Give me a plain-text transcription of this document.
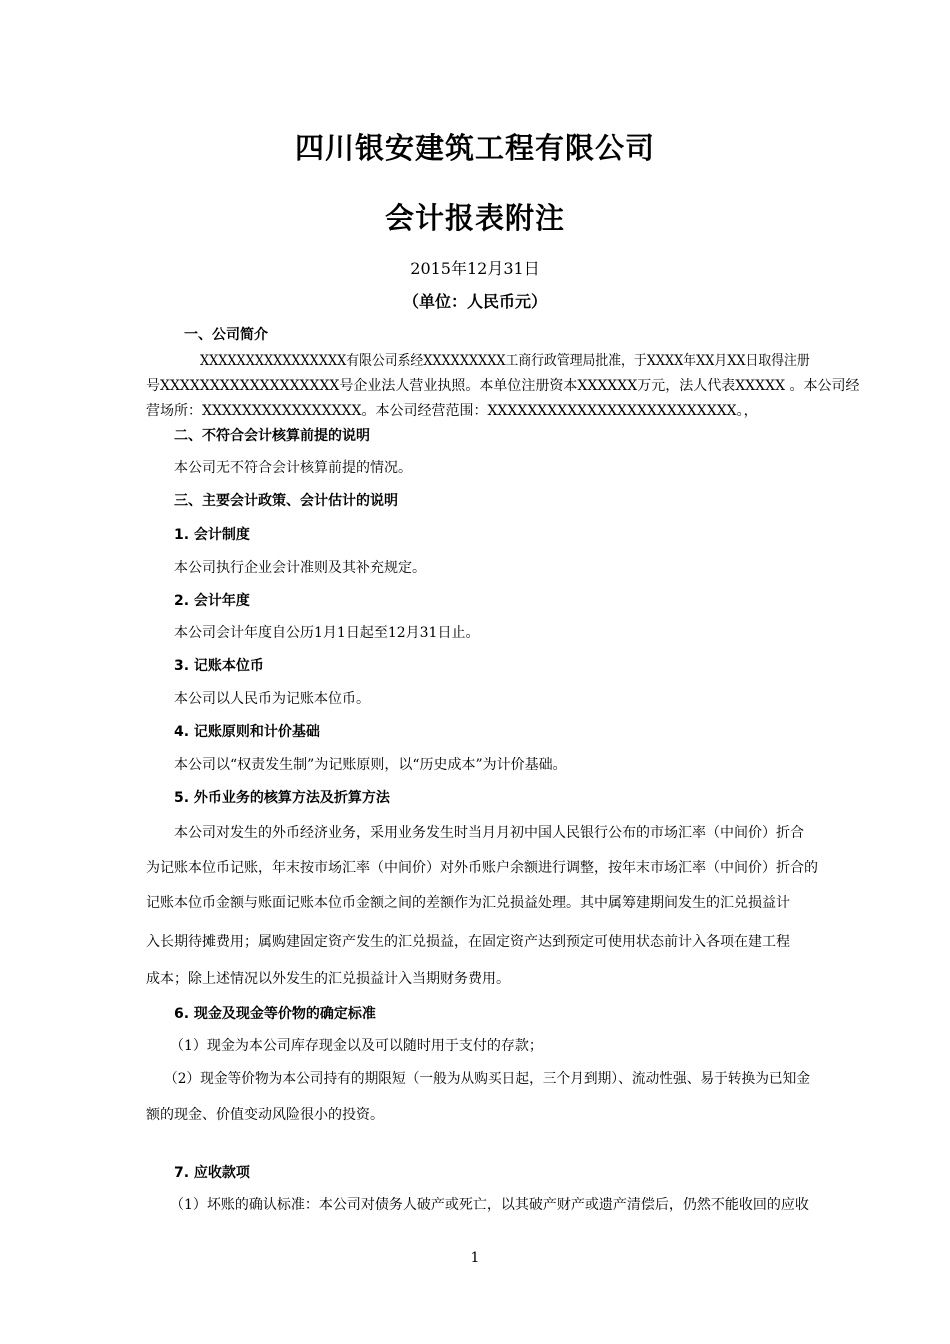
四川银安建筑工程有限公司
会计报表附注
2015年12月31日
（单位：人民币元）
一、公司简介
XXXXXXXXXXXXXXXX有限公司系经XXXXXXXXX工商行政管理局批准，于XXXX年XX月XX日取得注册
号XXXXXXXXXXXXXXXXXX号企业法人营业执照。本单位注册资本XXXXXX万元，法人代表XXXXX 。本公司经
营场所：XXXXXXXXXXXXXXXX。本公司经营范围：XXXXXXXXXXXXXXXXXXXXXXXXX。，
二、不符合会计核算前提的说明
本公司无不符合会计核算前提的情况。
三、主要会计政策、会计估计的说明
1. 会计制度
本公司执行企业会计准则及其补充规定。
2. 会计年度
本公司会计年度自公历1月1日起至12月31日止。
3. 记账本位币
本公司以人民币为记账本位币。
4. 记账原则和计价基础
本公司以“权责发生制”为记账原则，以“历史成本”为计价基础。
5. 外币业务的核算方法及折算方法
本公司对发生的外币经济业务，采用业务发生时当月月初中国人民银行公布的市场汇率（中间价）折合
为记账本位币记账，年末按市场汇率（中间价）对外币账户余额进行调整，按年末市场汇率（中间价）折合的
记账本位币金额与账面记账本位币金额之间的差额作为汇兑损益处理。其中属筹建期间发生的汇兑损益计
入长期待摊费用；属购建固定资产发生的汇兑损益，在固定资产达到预定可使用状态前计入各项在建工程
成本；除上述情况以外发生的汇兑损益计入当期财务费用。
6. 现金及现金等价物的确定标准
（1）现金为本公司库存现金以及可以随时用于支付的存款；
（2）现金等价物为本公司持有的期限短（一般为从购买日起，三个月到期）、流动性强、易于转换为已知金
额的现金、价值变动风险很小的投资。
7. 应收款项
（1）坏账的确认标准：本公司对债务人破产或死亡，以其破产财产或遗产清偿后，仍然不能收回的应收
1
